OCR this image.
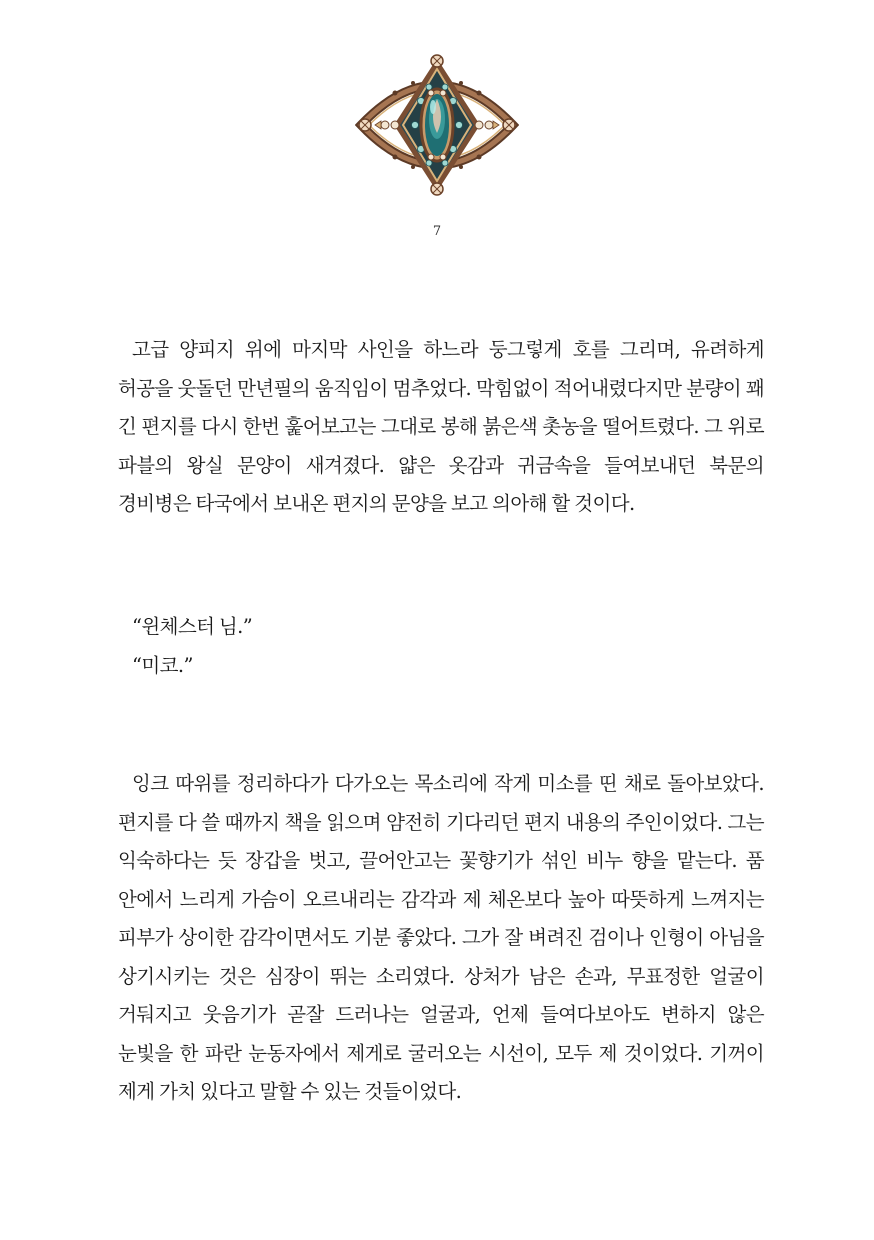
7

고급 양피지 위에 마지막 사인을 하느라 둥그렇게 호를 그리며, 유려하게 허공을 웃돌던 만년필의 움직임이 멈추었다. 막힘없이 적어내렸다지만 분량이 꽤 긴 편지를 다시 한번 훑어보고는 그대로 봉해 붉은색 촛농을 떨어트렸다. 그 위로 파블의 왕실 문양이 새겨졌다. 얇은 옷감과 귀금속을 들여보내던 북문의 경비병은 타국에서 보내온 편지의 문양을 보고 의아해 할 것이다.

“윈체스터 님.”

“미코.”

잉크 따위를 정리하다가 다가오는 목소리에 작게 미소를 띤 채로 돌아보았다. 편지를 다 쓸 때까지 책을 읽으며 얌전히 기다리던 편지 내용의 주인이었다. 그는 익숙하다는 듯 장갑을 벗고, 끌어안고는 꽃향기가 섞인 비누 향을 맡는다. 품 안에서 느리게 가슴이 오르내리는 감각과 제 체온보다 높아 따뜻하게 느껴지는 피부가 상이한 감각이면서도 기분 좋았다. 그가 잘 벼려진 검이나 인형이 아님을 상기시키는 것은 심장이 뛰는 소리였다. 상처가 남은 손과, 무표정한 얼굴이 거둬지고 웃음기가 곧잘 드러나는 얼굴과, 언제 들여다보아도 변하지 않은 눈빛을 한 파란 눈동자에서 제게로 굴러오는 시선이, 모두 제 것이었다. 기꺼이 제게 가치 있다고 말할 수 있는 것들이었다.
